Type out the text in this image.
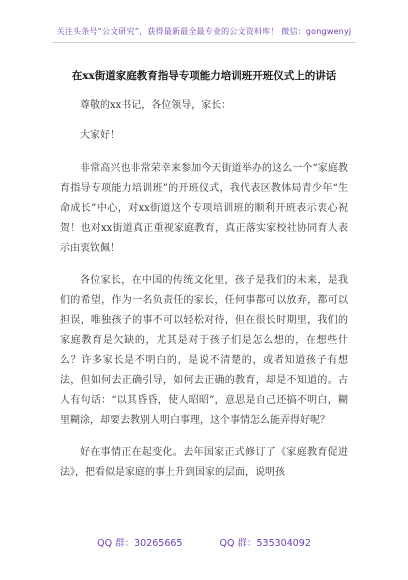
关注头条号“公文研究”，获得最新最全最专业的公文资料库！ 微信：gongwenyj
在xx街道家庭教育指导专项能力培训班开班仪式上的讲话

尊敬的xx书记，各位领导，家长：

大家好！

非常高兴也非常荣幸来参加今天街道举办的这么一个“家庭教育指导专项能力培训班”的开班仪式，我代表区教体局青少年“生命成长”中心，对xx街道这个专项培训班的顺利开班表示衷心祝贺！也对xx街道真正重视家庭教育，真正落实家校社协同育人表示由衷钦佩！

各位家长，在中国的传统文化里，孩子是我们的未来，是我们的希望，作为一名负责任的家长，任何事都可以放弃，都可以担误，唯独孩子的事不可以轻松对待，但在很长时期里，我们的家庭教育是欠缺的，尤其是对于孩子们是怎么想的，在想些什么？许多家长是不明白的，是说不清楚的，或者知道孩子有想法，但如何去正确引导，如何去正确的教育，却是不知道的。古人有句话：“以其昏昏，使人昭昭”，意思是自己还搞不明白，糊里糊涂，却要去教别人明白事理，这个事情怎么能弄得好呢？

好在事情正在起变化。去年国家正式修订了《家庭教育促进法》，把看似是家庭的事上升到国家的层面，说明孩

QQ 群：30265665	QQ 群：535304092
